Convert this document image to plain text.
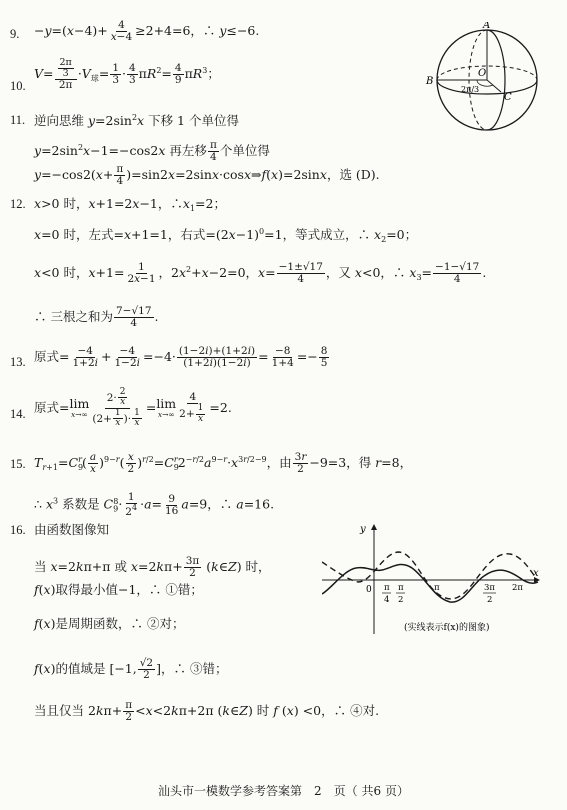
9. $-y=(x-4)+ \frac{4}{x-4} \ge 2+4=6$，∴ y≤−6.
10.
$V= \frac{\frac{2\pi}{3}}{2\pi} \cdot V_球= \frac{1}{3} \cdot \frac{4}{3} \pi R^2= \frac{4}{9} \pi R^3$；
A
B
C
O
2π/3
11. 逆向思维 $y=2\sin^2x$ 下移 1 个单位得
$y=2\sin^2x-1=-\cos 2x$ 再左移 $\frac{\pi}{4}$ 个单位得
$y=-\cos 2(x+ \frac{\pi}{4}$ )=sin2x=2sinx·cosx⇒f(x)=2sinx，选 (D).
12. x>0 时，x+1=2x−1，$\therefore x_1=2$；
x=0 时，左式=x+1=1，右式$=(2x-1)^0=1$，等式成立，∴ $x_2=0$；
x<0 时，$x+1= \frac{1}{2x-1}$ ，$2x^2+x-2=0$，$x= \frac{-1\pm√17}{4}$ ，又 x<0，∴ $x_3= \frac{-1-√17}{4}$ .
∴ 三根之和为 $\frac{7-√17}{4}$ .
13. 原式= $\frac{-4}{1+2i} + \frac{-4}{1-2i} =-4\cdot \frac{(1-2i)+(1+2i)}{(1+2i)(1-2i)} = \frac{-8}{1+4} =- \frac{8}{5}$
14. 原式= lim
$x\to\infty \frac{2\cdot \frac{2}{x}}{(2+ \frac{1}{x} )\cdot \frac{1}{x}} = \lim$
$x\to\infty \frac{4}{2+ \frac{1}{x}} =2$.
15. $T_{r+1}=C_9^r( \frac{a}{x} )^{9-r}( \frac{x}{2} )^{r/2}=C_9^r2^{-r/2}a^{9-r}\cdot x^{3r/2-9}$，由 $\frac{3r}{2} -9=3$，得 r=8，
∴ $x^3$ 系数是 $C_9^8\cdot \frac{1}{2^4} \cdot a= \frac{9}{16} a=9$，∴ a=16.
16. 由函数图像知
当 x=2kπ+π 或 $x=2k\pi+ \frac{3\pi}{2}$ (k∈Z) 时，
f(x)取得最小值−1，∴ ①错；
f(x)是周期函数，∴ ②对；
f(x)的值域是 [−1, $\frac{√2}{2}$ ]，∴ ③错；
当且仅当 $2k\pi+ \frac{\pi}{2} <x<2k\pi+2\pi$ (k∈Z) 时 f (x) <0，∴ ④对.
y
x
0 π
4
π
2
π	3π
2
2π
(实线表示f(x)的图象)
汕头市一模数学参考答案第　2　页（ 共6 页）
